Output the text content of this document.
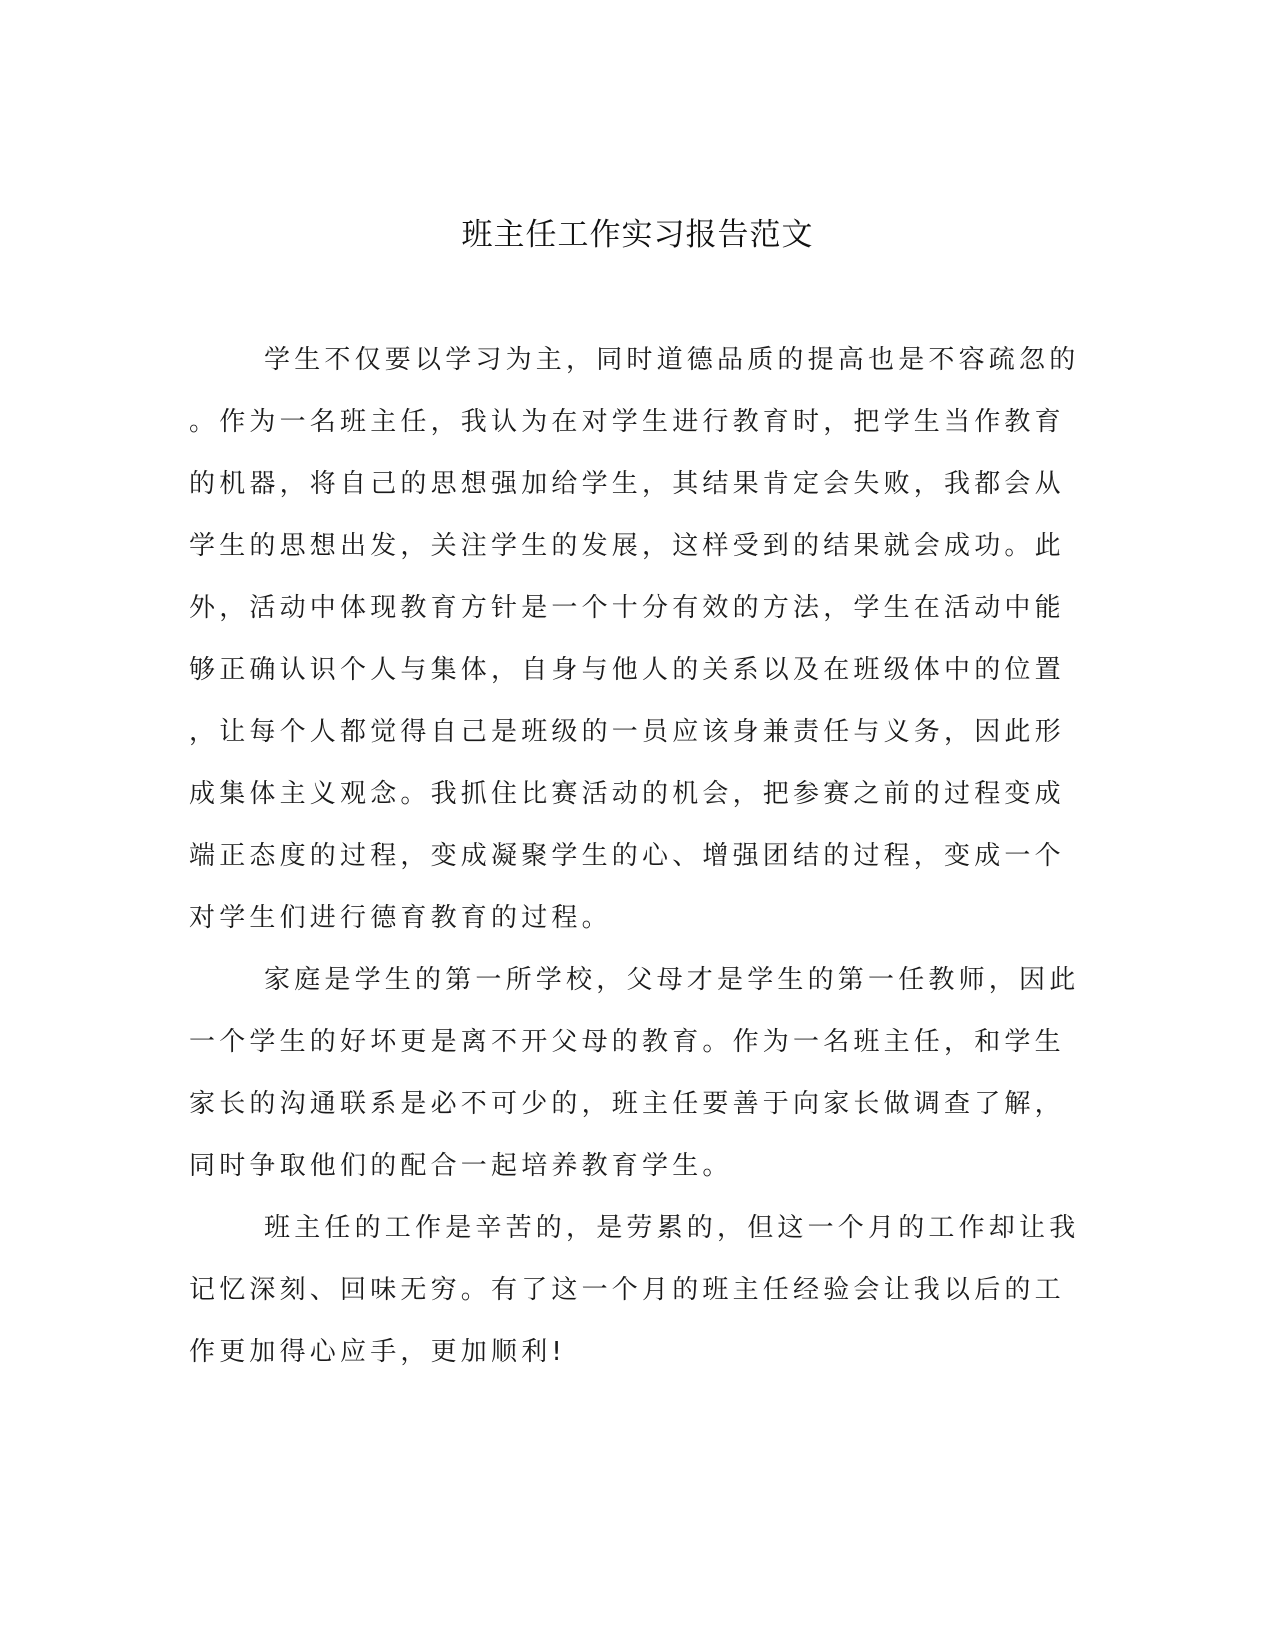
班主任工作实习报告范文

学生不仅要以学习为主，同时道德品质的提高也是不容疏忽的。作为一名班主任，我认为在对学生进行教育时，把学生当作教育的机器，将自己的思想强加给学生，其结果肯定会失败，我都会从学生的思想出发，关注学生的发展，这样受到的结果就会成功。此外，活动中体现教育方针是一个十分有效的方法，学生在活动中能够正确认识个人与集体，自身与他人的关系以及在班级体中的位置，让每个人都觉得自己是班级的一员应该身兼责任与义务，因此形成集体主义观念。我抓住比赛活动的机会，把参赛之前的过程变成端正态度的过程，变成凝聚学生的心、增强团结的过程，变成一个对学生们进行德育教育的过程。

家庭是学生的第一所学校，父母才是学生的第一任教师，因此一个学生的好坏更是离不开父母的教育。作为一名班主任，和学生家长的沟通联系是必不可少的，班主任要善于向家长做调查了解，同时争取他们的配合一起培养教育学生。

班主任的工作是辛苦的，是劳累的，但这一个月的工作却让我记忆深刻、回味无穷。有了这一个月的班主任经验会让我以后的工作更加得心应手，更加顺利!
